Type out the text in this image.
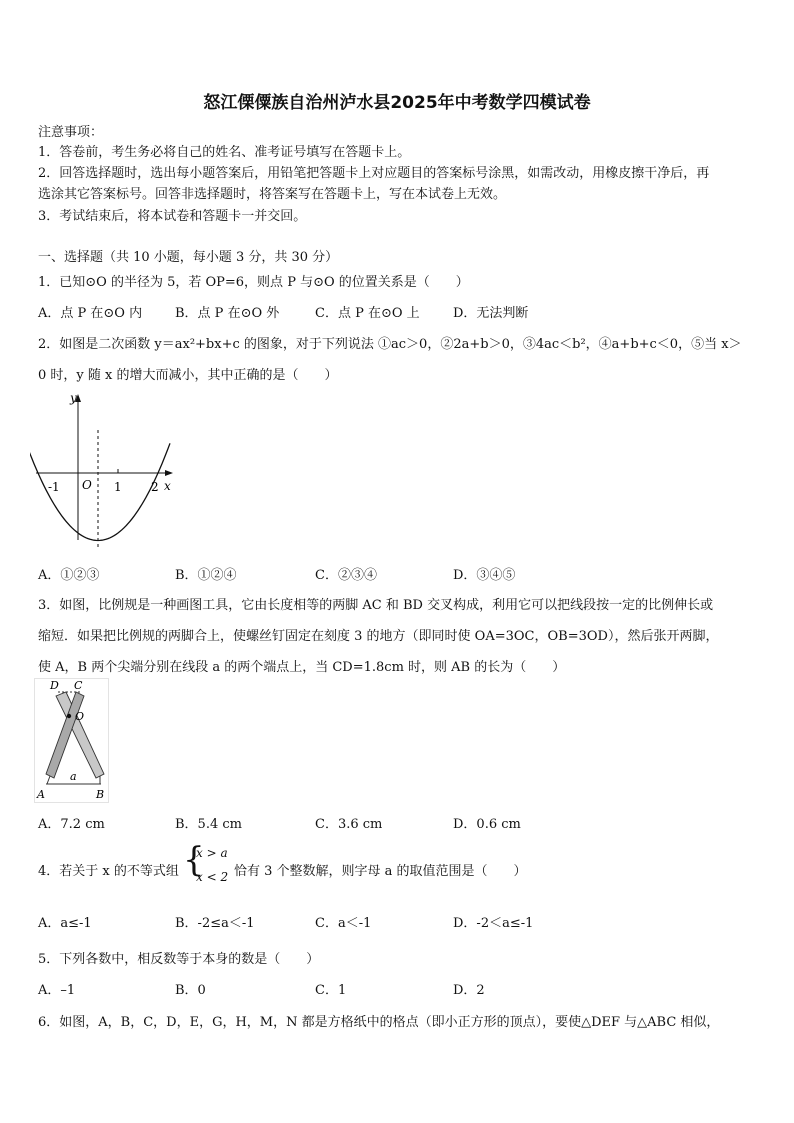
怒江傈僳族自治州泸水县2025年中考数学四模试卷
注意事项：
1．答卷前，考生务必将自己的姓名、准考证号填写在答题卡上。
2．回答选择题时，选出每小题答案后，用铅笔把答题卡上对应题目的答案标号涂黑，如需改动，用橡皮擦干净后，再
选涂其它答案标号。回答非选择题时，将答案写在答题卡上，写在本试卷上无效。
3．考试结束后，将本试卷和答题卡一并交回。
一、选择题（共 10 小题，每小题 3 分，共 30 分）
1．已知⊙O 的半径为 5，若 OP=6，则点 P 与⊙O 的位置关系是（　　）
A．点 P 在⊙O 内	B．点 P 在⊙O 外	C．点 P 在⊙O 上	D．无法判断
2．如图是二次函数 y＝ax²+bx+c 的图象，对于下列说法 ①ac＞0，②2a+b＞0，③4ac＜b²，④a+b+c＜0，⑤当 x＞
0 时，y 随 x 的增大而减小，其中正确的是（　　）
y
x
O
-1	1 2
A．①②③	B．①②④	C．②③④	D．③④⑤
3．如图，比例规是一种画图工具，它由长度相等的两脚 AC 和 BD 交叉构成，利用它可以把线段按一定的比例伸长或
缩短．如果把比例规的两脚合上，使螺丝钉固定在刻度 3 的地方（即同时使 OA=3OC，OB=3OD），然后张开两脚，
使 A，B 两个尖端分别在线段 a 的两个端点上，当 CD=1.8cm 时，则 AB 的长为（　　）
D C
O
a
A	B
A．7.2 cm	B．5.4 cm	C．3.6 cm	D．0.6 cm
4．若关于 x 的不等式组 {
x > a
x < 2 恰有 3 个整数解，则字母 a 的取值范围是（　　）
A．a≤-1	B．-2≤a＜-1	C．a＜-1	D．-2＜a≤-1
5．下列各数中，相反数等于本身的数是（　　）
A．–1	B．0	C．1	D．2
6．如图，A，B，C，D，E，G，H，M，N 都是方格纸中的格点（即小正方形的顶点），要使△DEF 与△ABC 相似，
